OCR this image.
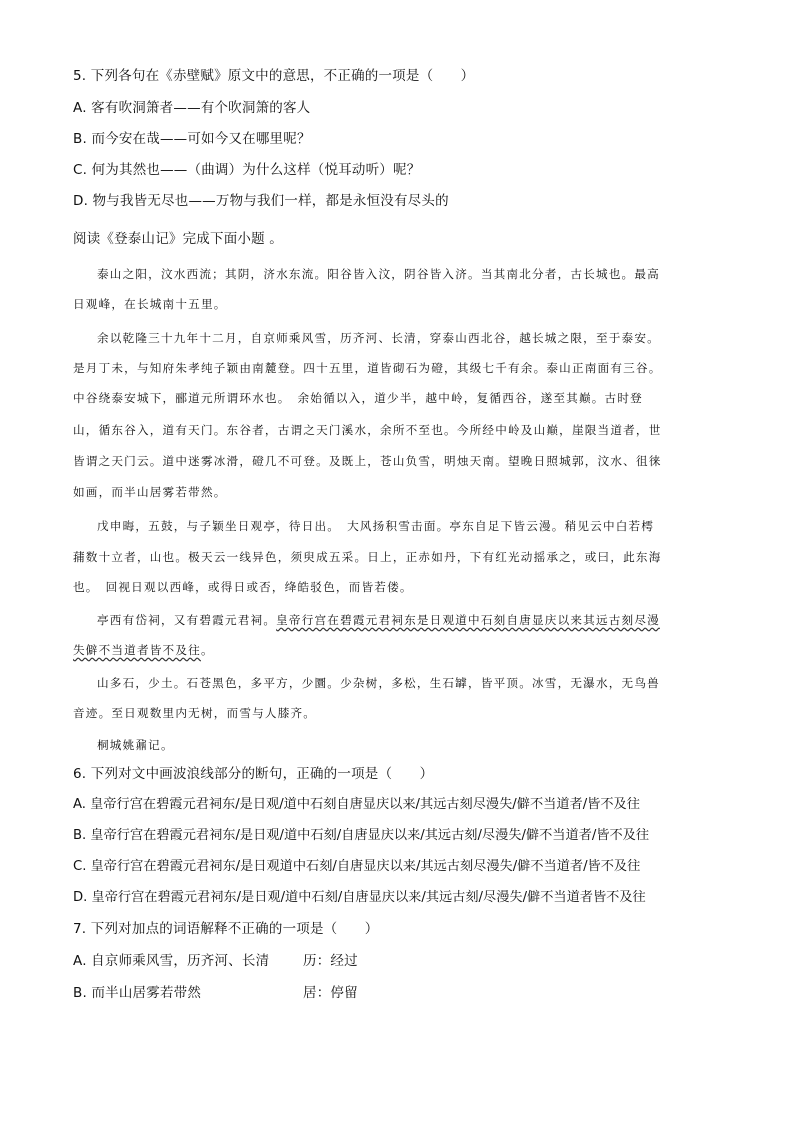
5. 下列各句在《赤壁赋》原文中的意思，不正确的一项是（　　）
A. 客有吹洞箫者——有个吹洞箫的客人
B. 而今安在哉——可如今又在哪里呢？
C. 何为其然也——（曲调）为什么这样（悦耳动听）呢？
D. 物与我皆无尽也——万物与我们一样，都是永恒没有尽头的
阅读《登泰山记》完成下面小题 。
泰山之阳，汶水西流；其阴，济水东流。阳谷皆入汶，阴谷皆入济。当其南北分者，古长城也。最高
日观峰，在长城南十五里。
余以乾隆三十九年十二月，自京师乘风雪，历齐河、长清，穿泰山西北谷，越长城之限，至于泰安。
是月丁未，与知府朱孝纯子颖由南麓登。四十五里，道皆砌石为磴，其级七千有余。泰山正南面有三谷。
中谷绕泰安城下，郦道元所谓环水也。　余始循以入，道少半，越中岭，复循西谷，遂至其巅。古时登
山，循东谷入，道有天门。东谷者，古谓之天门溪水，余所不至也。今所经中岭及山巅，崖限当道者，世
皆谓之天门云。道中迷雾冰滑，磴几不可登。及既上，苍山负雪，明烛天南。望晚日照城郭，汶水、徂徕
如画，而半山居雾若带然。
戊申晦，五鼓，与子颖坐日观亭，待日出。　大风扬积雪击面。亭东自足下皆云漫。稍见云中白若樗
蒱数十立者，山也。极天云一线异色，须臾成五采。日上，正赤如丹，下有红光动摇承之，或曰，此东海
也。　回视日观以西峰，或得日或否，绛皓驳色，而皆若偻。
亭西有岱祠，又有碧霞元君祠。皇帝行宫在碧霞元君祠东是日观道中石刻自唐显庆以来其远古刻尽漫
失僻不当道者皆不及往。
山多石，少土。石苍黑色，多平方，少圜。少杂树，多松，生石罅，皆平顶。冰雪，无瀑水，无鸟兽
音迹。至日观数里内无树，而雪与人膝齐。
桐城姚鼐记。
6. 下列对文中画波浪线部分的断句，正确的一项是（　　）
A. 皇帝行宫在碧霞元君祠东/是日观/道中石刻自唐显庆以来/其远古刻尽漫失/僻不当道者/皆不及往
B. 皇帝行宫在碧霞元君祠东/是日观/道中石刻/自唐显庆以来/其远古刻/尽漫失/僻不当道者/皆不及往
C. 皇帝行宫在碧霞元君祠东/是日观道中石刻/自唐显庆以来/其远古刻尽漫失/僻不当道者/皆不及往
D. 皇帝行宫在碧霞元君祠东/是日观/道中石刻/自唐显庆以来/其远古刻/尽漫失/僻不当道者皆不及往
7. 下列对加点的词语解释不正确的一项是（　　）
A. 自京师乘风雪，历齐河、长清 历：经过
B. 而半山居雾若带然	居：停留
